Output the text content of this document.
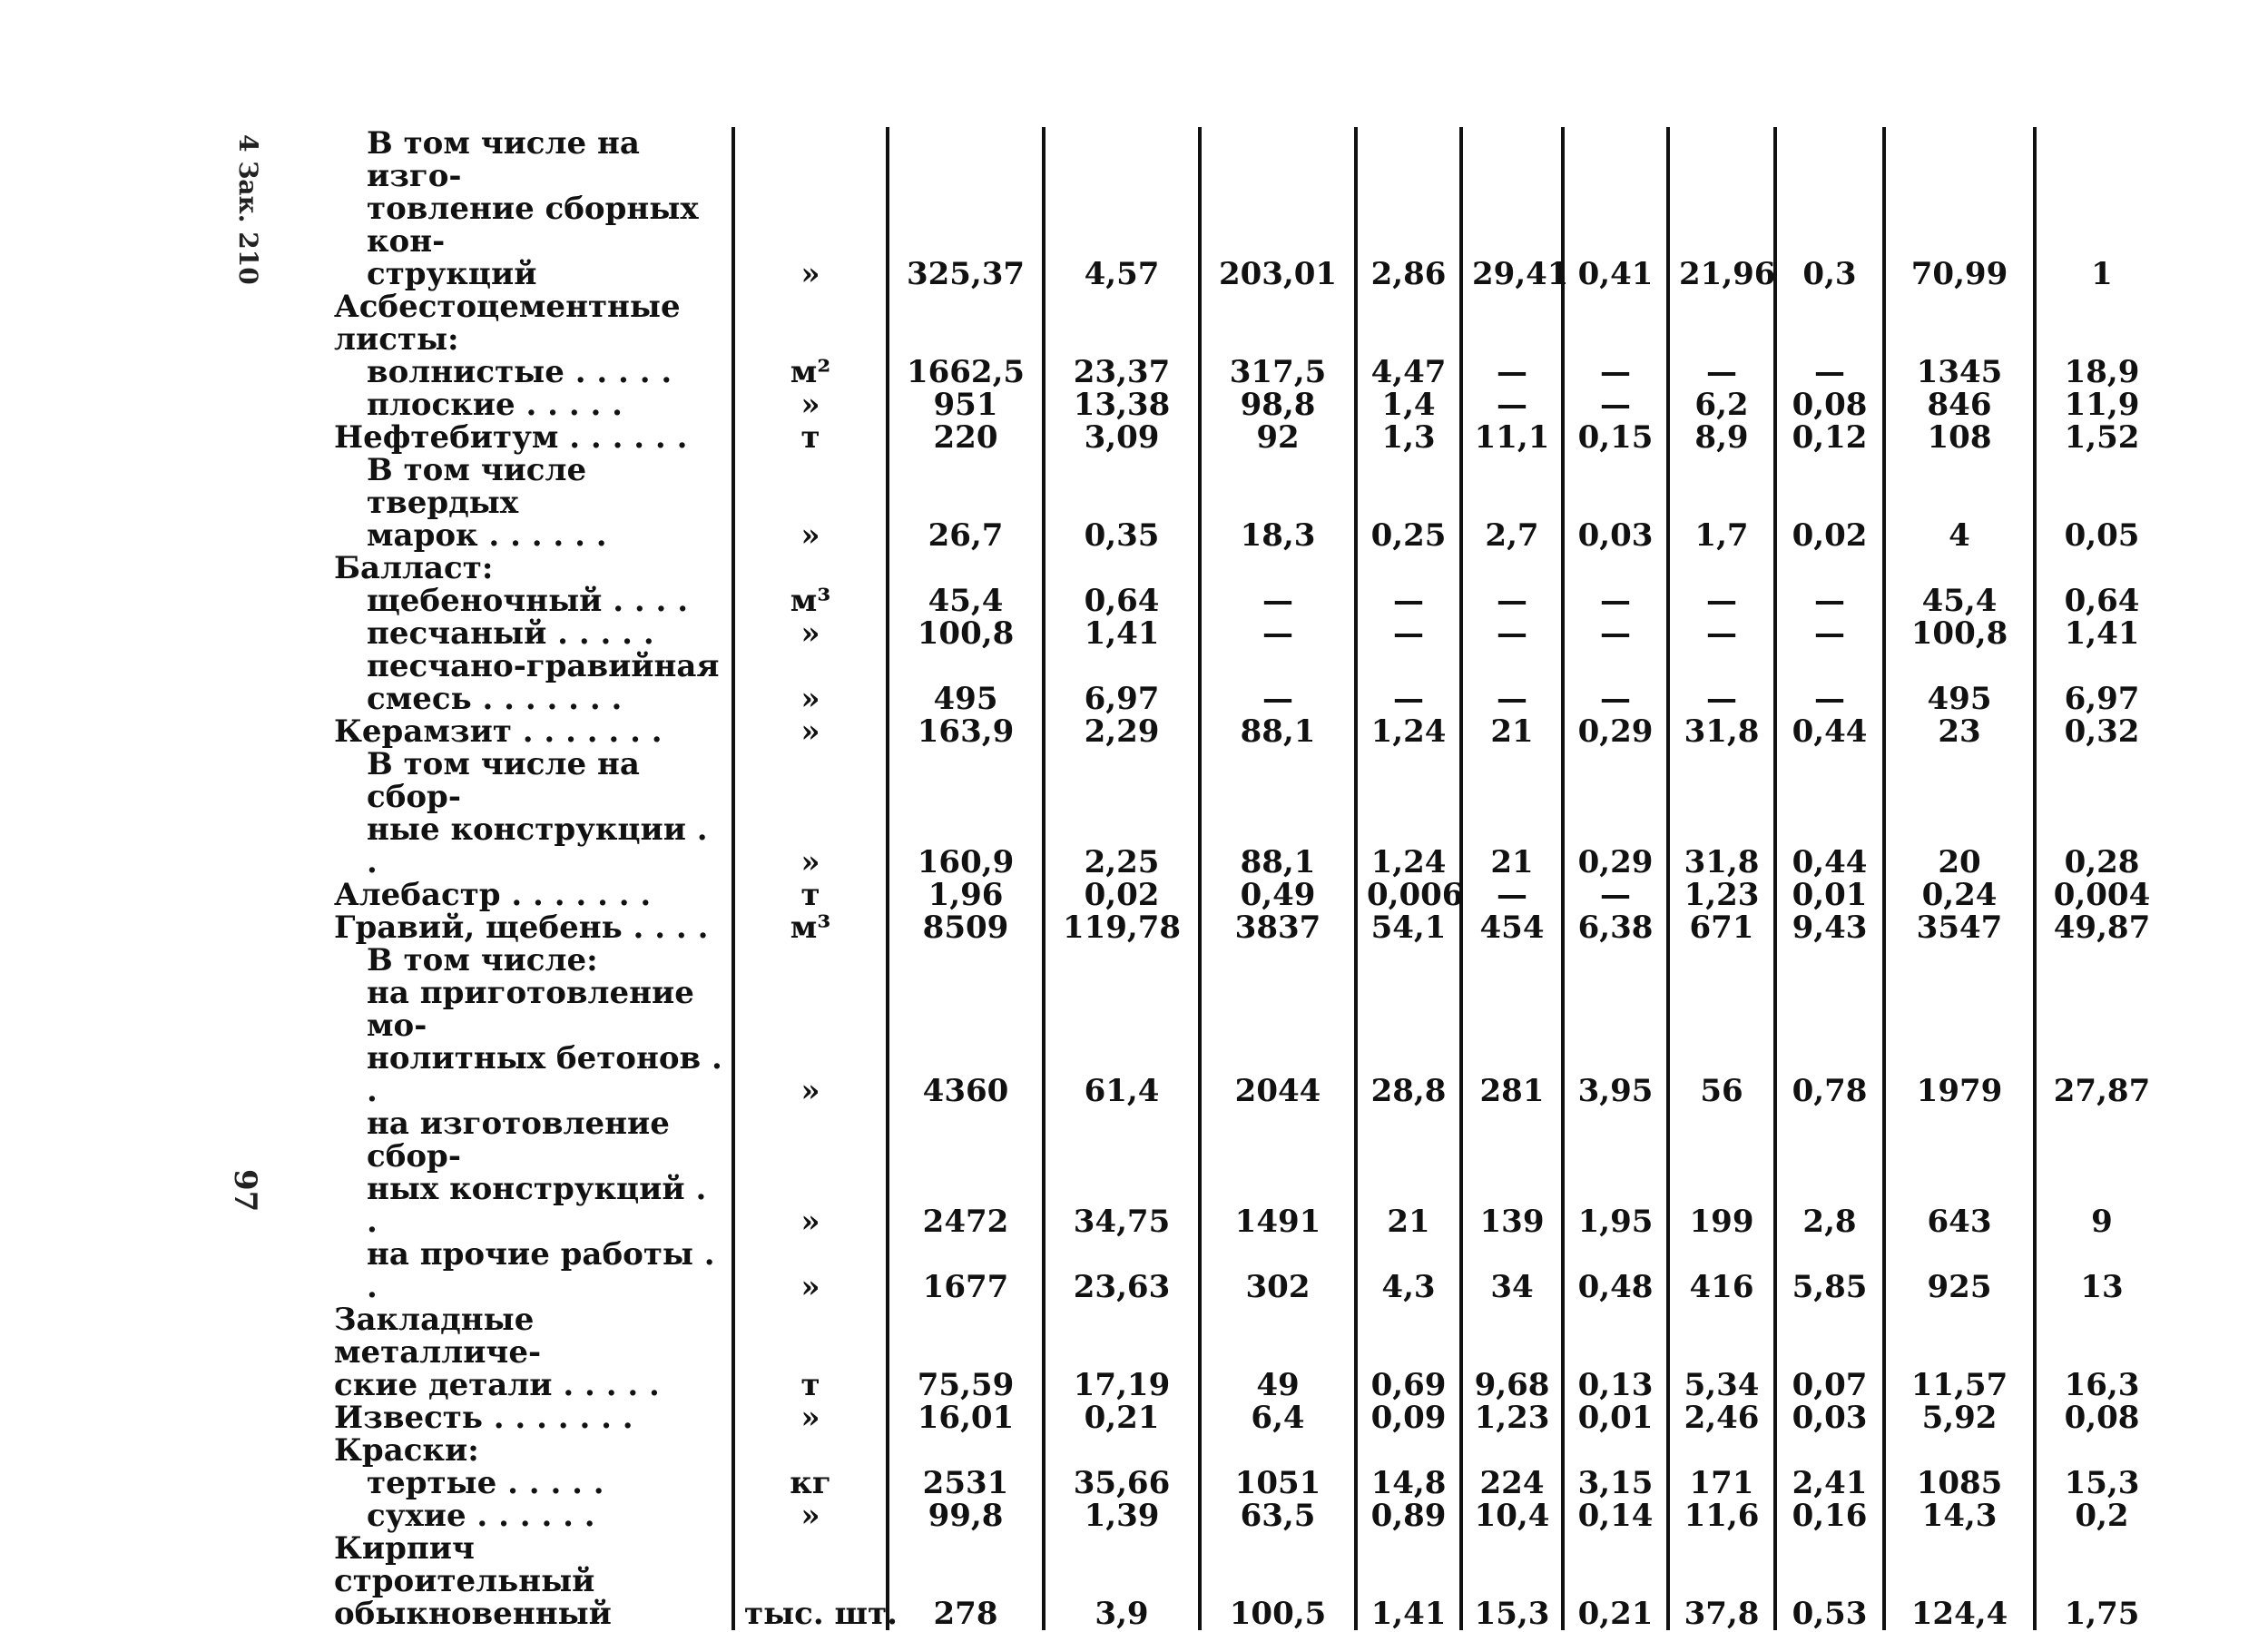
4 Зак. 210
97
В том числе на изго-
товление сборных кон-
струкций	»	325,37	4,57	203,01	2,86	29,41	0,41	21,96	0,3	70,99	1

Асбестоцементные листы:											

волнистые . . . . .	м²	1662,5	23,37	317,5	4,47	—	—	—	—	1345	18,9

плоские . . . . .	»	951	13,38	98,8	1,4	—	—	6,2	0,08	846	11,9

Нефтебитум . . . . . .	т	220	3,09	92	1,3	11,1	0,15	8,9	0,12	108	1,52

В том числе твердых
марок . . . . . .	»	26,7	0,35	18,3	0,25	2,7	0,03	1,7	0,02	4	0,05

Балласт:											

щебеночный . . . .	м³	45,4	0,64	—	—	—	—	—	—	45,4	0,64

песчаный . . . . .	»	100,8	1,41	—	—	—	—	—	—	100,8	1,41

песчано-гравийная
смесь . . . . . . .	»	495	6,97	—	—	—	—	—	—	495	6,97

Керамзит . . . . . . .	»	163,9	2,29	88,1	1,24	21	0,29	31,8	0,44	23	0,32

В том числе на сбор-
ные конструкции . .	»	160,9	2,25	88,1	1,24	21	0,29	31,8	0,44	20	0,28

Алебастр . . . . . . .	т	1,96	0,02	0,49	0,006	—	—	1,23	0,01	0,24	0,004

Гравий, щебень . . . .	м³	8509	119,78	3837	54,1	454	6,38	671	9,43	3547	49,87

В том числе:											

на приготовление мо-
нолитных бетонов . .	»	4360	61,4	2044	28,8	281	3,95	56	0,78	1979	27,87

на изготовление сбор-
ных конструкций . .	»	2472	34,75	1491	21	139	1,95	199	2,8	643	9

на прочие работы . .	»	1677	23,63	302	4,3	34	0,48	416	5,85	925	13

Закладные металличе-
ские детали . . . . .	т	75,59	17,19	49	0,69	9,68	0,13	5,34	0,07	11,57	16,3

Известь . . . . . . .	»	16,01	0,21	6,4	0,09	1,23	0,01	2,46	0,03	5,92	0,08

Краски:											

тертые . . . . .	кг	2531	35,66	1051	14,8	224	3,15	171	2,41	1085	15,3

сухие . . . . . .	»	99,8	1,39	63,5	0,89	10,4	0,14	11,6	0,16	14,3	0,2

Кирпич строительный
обыкновенный	тыс. шт.	278	3,9	100,5	1,41	15,3	0,21	37,8	0,53	124,4	1,75
